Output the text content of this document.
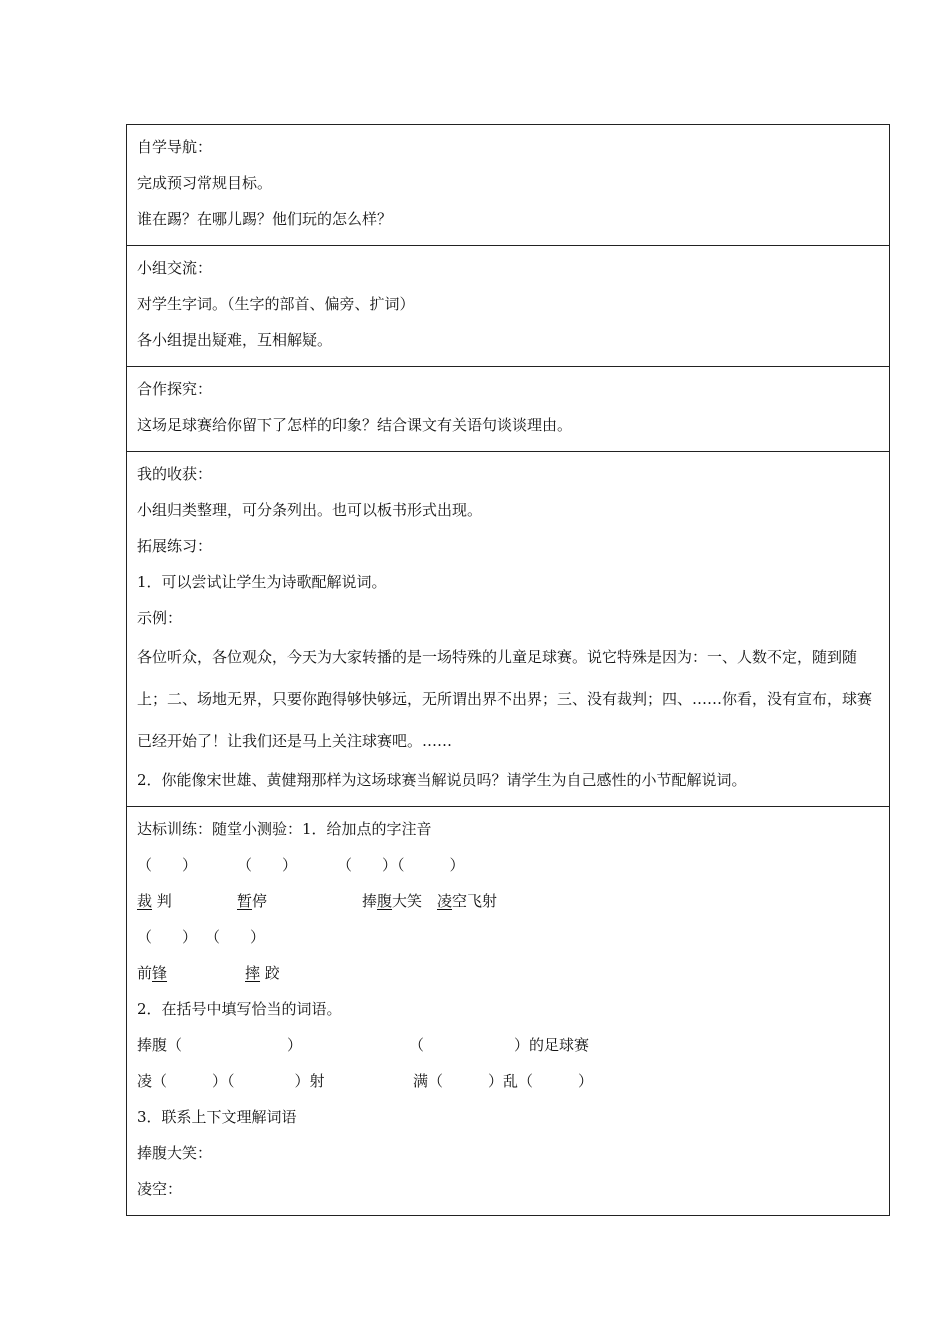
自学导航：
完成预习常规目标。
谁在踢？在哪儿踢？他们玩的怎么样？
小组交流：
对学生字词。（生字的部首、偏旁、扩词）
各小组提出疑难，互相解疑。
合作探究：
这场足球赛给你留下了怎样的印象？结合课文有关语句谈谈理由。
我的收获：
小组归类整理，可分条列出。也可以板书形式出现。
拓展练习：
1．可以尝试让学生为诗歌配解说词。
示例：
各位听众，各位观众，今天为大家转播的是一场特殊的儿童足球赛。说它特殊是因为：一、人数不定，随到随上；二、场地无界，只要你跑得够快够远，无所谓出界不出界；三、没有裁判；四、……你看，没有宣布，球赛已经开始了！让我们还是马上关注球赛吧。……
2．你能像宋世雄、黄健翔那样为这场球赛当解说员吗？请学生为自己感性的小节配解说词。
达标训练：随堂小测验：1．给加点的字注音
（　　）	（　　）	（　　）（　　　）
裁 判	暂停	捧腹大笑 凌空飞射
（　　） （　　）
前锋	摔 跤
2．在括号中填写恰当的词语。
捧腹（　　　　　　　）	（　　　　　　）的足球赛
凌（　　　）（　　　　）射	满（　　　）乱（　　　）
3．联系上下文理解词语
捧腹大笑：
凌空：
